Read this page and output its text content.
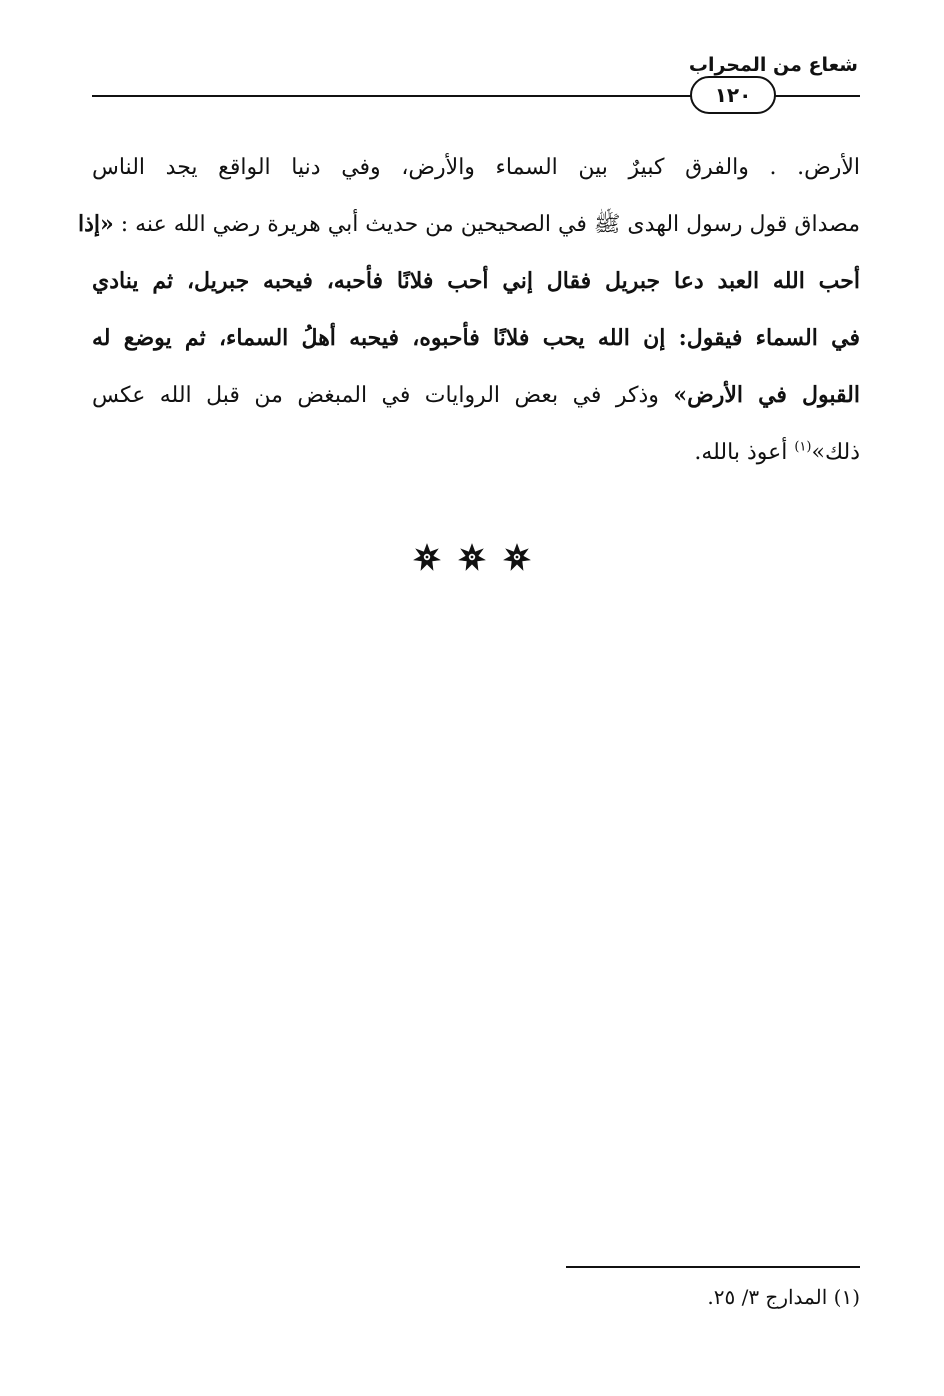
شعاع من المحراب
١٢٠
الأرض. . والفرق كبيرٌ بين السماء والأرض، وفي دنيا الواقع يجد الناس
مصداق قول رسول الهدى ﷺ في الصحيحين من حديث أبي هريرة رضي الله عنه : «إذا
أحب الله العبد دعا جبريل فقال إني أحب فلانًا فأحبه، فيحبه جبريل، ثم ينادي
في السماء فيقول: إن الله يحب فلانًا فأحبوه، فيحبه أهلُ السماء، ثم يوضع له
القبول في الأرض» وذكر في بعض الروايات في المبغض من قبل الله عكس
ذلك»$^{(١)}$ أعوذ بالله.

(١) المدارج ٣/ ٢٥.
